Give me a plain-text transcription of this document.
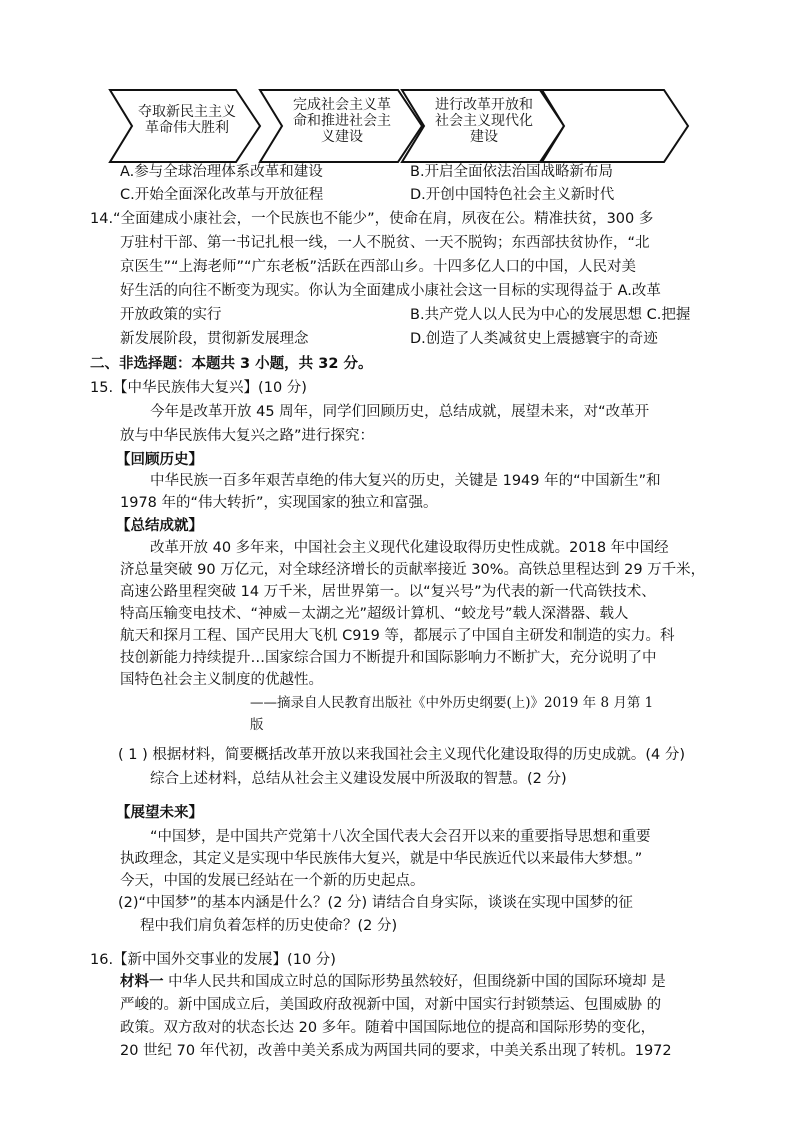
夺取新民主主义
革命伟大胜利
完成社会主义革
命和推进社会主
义建设
进行改革开放和
社会主义现代化
建设
A.参与全球治理体系改革和建设	B.开启全面依法治国战略新布局
C.开始全面深化改革与开放征程	D.开创中国特色社会主义新时代
14.“全面建成小康社会，一个民族也不能少”，使命在肩，夙夜在公。精准扶贫，300 多
万驻村干部、第一书记扎根一线，一人不脱贫、一天不脱钩；东西部扶贫协作，“北
京医生”“上海老师”“广东老板”活跃在西部山乡。十四多亿人口的中国，人民对美
好生活的向往不断变为现实。你认为全面建成小康社会这一目标的实现得益于 A.改革
开放政策的实行	B.共产党人以人民为中心的发展思想 C.把握
新发展阶段，贯彻新发展理念	D.创造了人类减贫史上震撼寰宇的奇迹
二、非选择题：本题共 3 小题，共 32 分。
15.【中华民族伟大复兴】(10 分)
今年是改革开放 45 周年，同学们回顾历史，总结成就，展望未来，对“改革开
放与中华民族伟大复兴之路”进行探究：
【回顾历史】
中华民族一百多年艰苦卓绝的伟大复兴的历史，关键是 1949 年的“中国新生”和
1978 年的“伟大转折”，实现国家的独立和富强。
【总结成就】
改革开放 40 多年来，中国社会主义现代化建设取得历史性成就。2018 年中国经
济总量突破 90 万亿元，对全球经济增长的贡献率接近 30%。高铁总里程达到 29 万千米，
高速公路里程突破 14 万千米，居世界第一。以“复兴号”为代表的新一代高铁技术、
特高压输变电技术、“神威－太湖之光”超级计算机、“蛟龙号”载人深潜器、载人
航天和探月工程、国产民用大飞机 C919 等，都展示了中国自主研发和制造的实力。科
技创新能力持续提升…国家综合国力不断提升和国际影响力不断扩大，充分说明了中
国特色社会主义制度的优越性。
——摘录自人民教育出版社《中外历史纲要(上)》2019 年 8 月第 1
版
( 1 ) 根据材料，简要概括改革开放以来我国社会主义现代化建设取得的历史成就。(4 分)
综合上述材料，总结从社会主义建设发展中所汲取的智慧。(2 分)
【展望未来】
“中国梦，是中国共产党第十八次全国代表大会召开以来的重要指导思想和重要
执政理念，其定义是实现中华民族伟大复兴，就是中华民族近代以来最伟大梦想。”
今天，中国的发展已经站在一个新的历史起点。
(2)“中国梦”的基本内涵是什么？(2 分) 请结合自身实际，谈谈在实现中国梦的征
程中我们肩负着怎样的历史使命？(2 分)
16.【新中国外交事业的发展】(10 分)
材料一 中华人民共和国成立时总的国际形势虽然较好，但围绕新中国的国际环境却 是
严峻的。新中国成立后，美国政府敌视新中国，对新中国实行封锁禁运、包围威胁 的
政策。双方敌对的状态长达 20 多年。随着中国国际地位的提高和国际形势的变化，
20 世纪 70 年代初，改善中美关系成为两国共同的要求，中美关系出现了转机。1972
